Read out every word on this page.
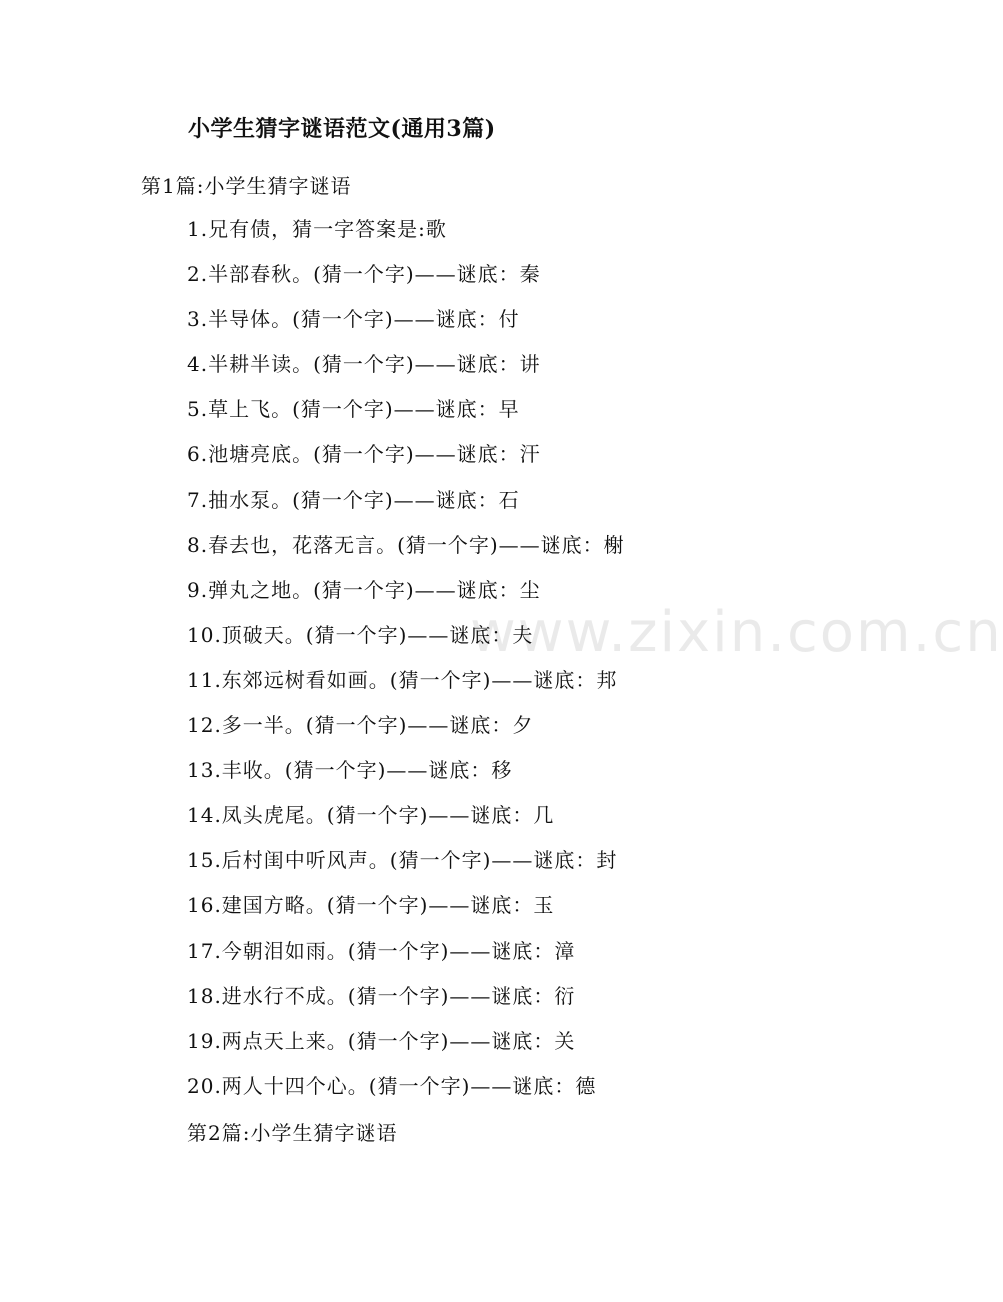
www.zixin.com.cn
小学生猜字谜语范文(通用3篇)
第1篇:小学生猜字谜语
1.兄有债，猜一字答案是:歌
2.半部春秋。(猜一个字)——谜底：秦
3.半导体。(猜一个字)——谜底：付
4.半耕半读。(猜一个字)——谜底：讲
5.草上飞。(猜一个字)——谜底：早
6.池塘亮底。(猜一个字)——谜底：汗
7.抽水泵。(猜一个字)——谜底：石
8.春去也，花落无言。(猜一个字)——谜底：榭
9.弹丸之地。(猜一个字)——谜底：尘
10.顶破天。(猜一个字)——谜底：夫
11.东郊远树看如画。(猜一个字)——谜底：邦
12.多一半。(猜一个字)——谜底：夕
13.丰收。(猜一个字)——谜底：移
14.凤头虎尾。(猜一个字)——谜底：几
15.后村闺中听风声。(猜一个字)——谜底：封
16.建国方略。(猜一个字)——谜底：玉
17.今朝泪如雨。(猜一个字)——谜底：漳
18.进水行不成。(猜一个字)——谜底：衍
19.两点天上来。(猜一个字)——谜底：关
20.两人十四个心。(猜一个字)——谜底：德
第2篇:小学生猜字谜语
